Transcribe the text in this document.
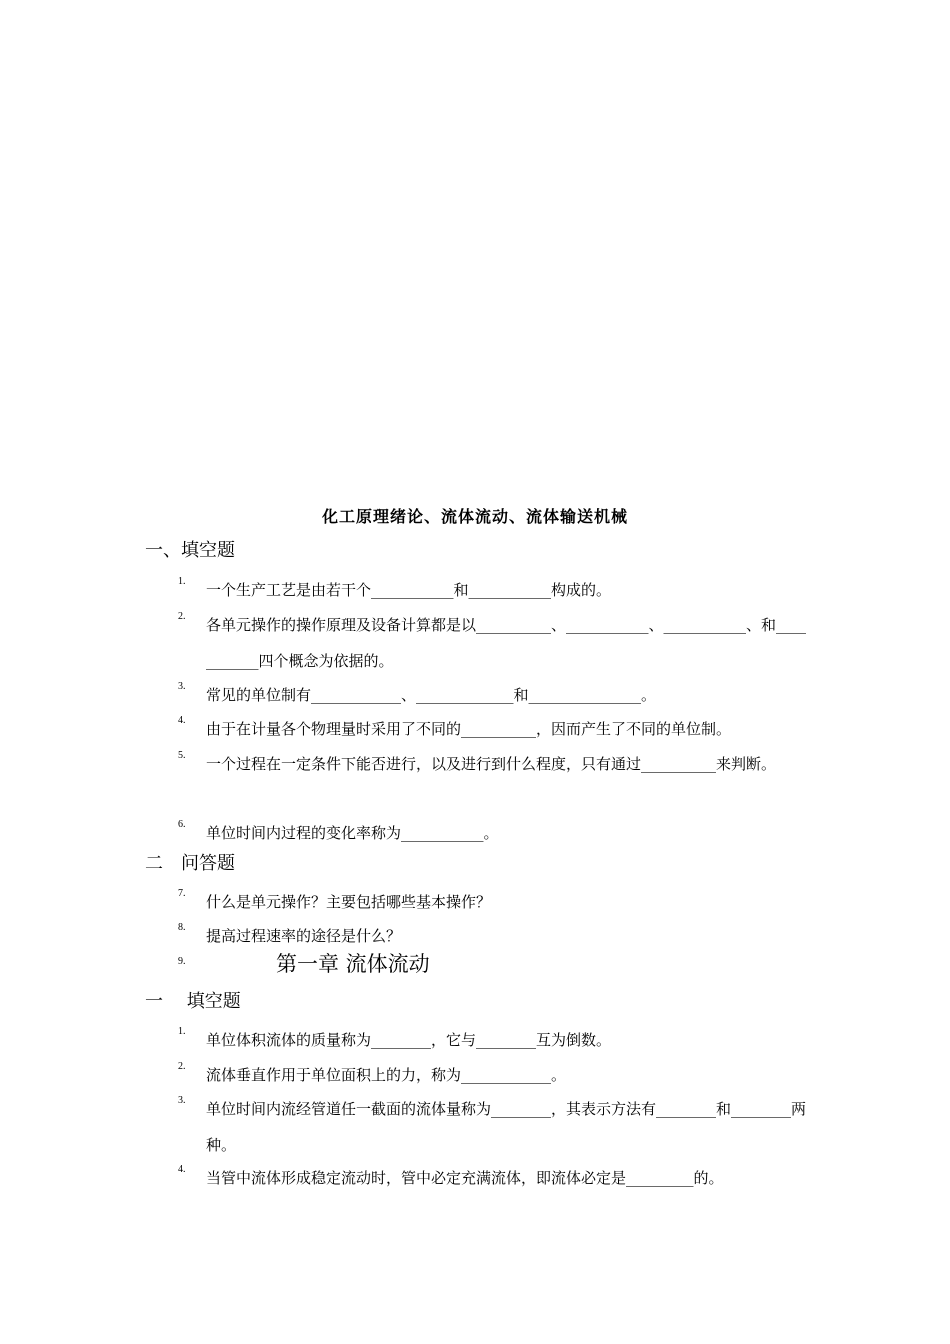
化工原理绪论、流体流动、流体输送机械
一、填空题
1. 一个生产工艺是由若干个___________和___________构成的。
2. 各单元操作的操作原理及设备计算都是以__________、___________、___________、和___________四个概念为依据的。
3. 常见的单位制有____________、_____________和_______________。
4. 由于在计量各个物理量时采用了不同的__________，因而产生了不同的单位制。
5. 一个过程在一定条件下能否进行，以及进行到什么程度，只有通过__________来判断。
6. 单位时间内过程的变化率称为___________。
二　问答题
7. 什么是单元操作？主要包括哪些基本操作？
8. 提高过程速率的途径是什么？
9.	第一章 流体流动
一　 填空题
1. 单位体积流体的质量称为________，它与________互为倒数。
2. 流体垂直作用于单位面积上的力，称为____________。
3. 单位时间内流经管道任一截面的流体量称为________，其表示方法有________和________两种。
4. 当管中流体形成稳定流动时，管中必定充满流体，即流体必定是_________的。
